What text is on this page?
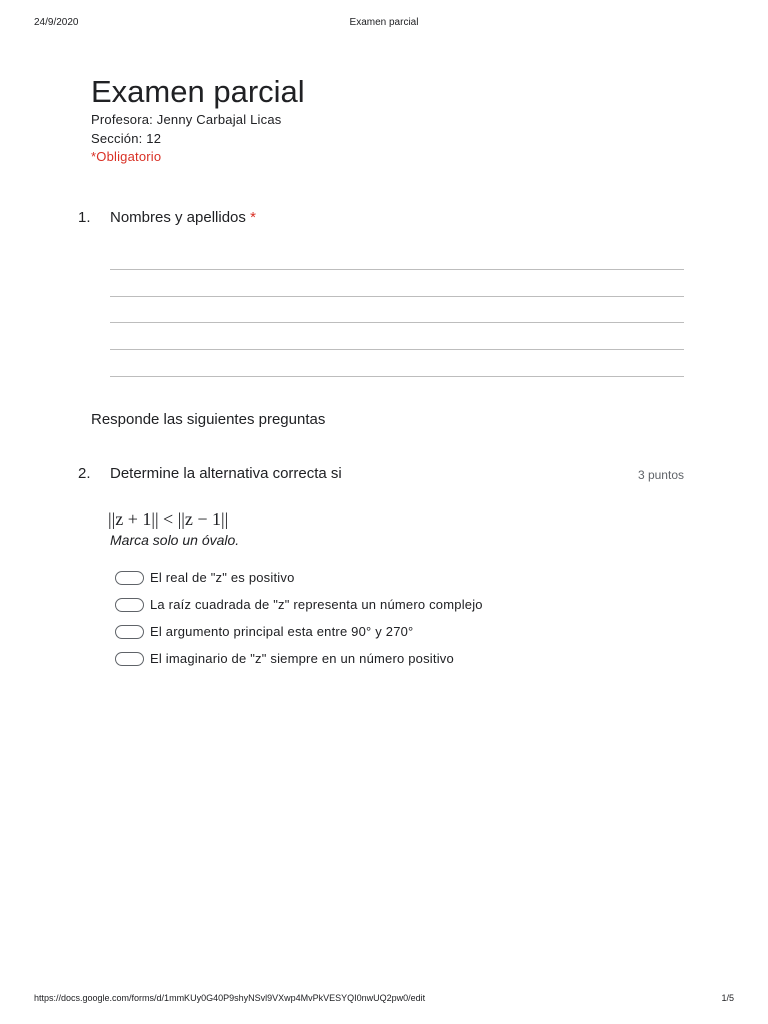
24/9/2020	Examen parcial
Examen parcial
Profesora: Jenny Carbajal Licas
Sección: 12
*Obligatorio
1. Nombres y apellidos *
Responde las siguientes preguntas
2. Determine la alternativa correcta si	3 puntos
||z + 1|| < ||z − 1||
Marca solo un óvalo.
El real de "z" es positivo
La raíz cuadrada de "z" representa un número complejo
El argumento principal esta entre 90° y 270°
El imaginario de "z" siempre en un número positivo
https://docs.google.com/forms/d/1mmKUy0G40P9shyNSvl9VXwp4MvPkVESYQI0nwUQ2pw0/edit	1/5
